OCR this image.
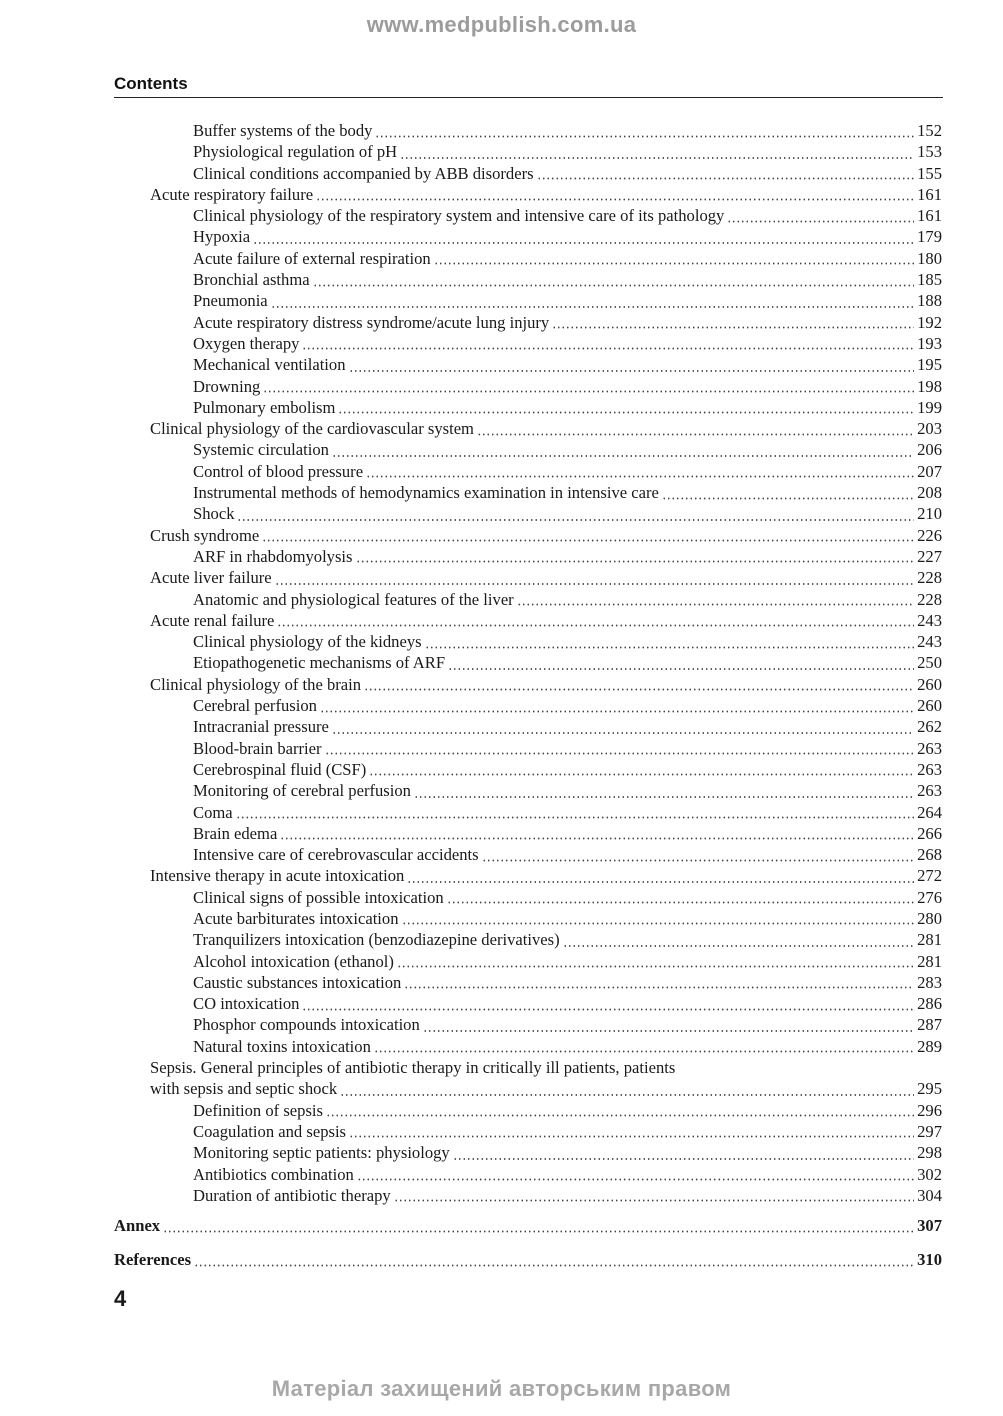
www.medpublish.com.ua
Contents
Buffer systems of the body	152
Physiological regulation of pH	153
Clinical conditions accompanied by ABB disorders	155
Acute respiratory failure	161
Clinical physiology of the respiratory system and intensive care of its pathology	161
Hypoxia	179
Acute failure of external respiration	180
Bronchial asthma	185
Pneumonia	188
Acute respiratory distress syndrome/acute lung injury	192
Oxygen therapy	193
Mechanical ventilation	195
Drowning	198
Pulmonary embolism	199
Clinical physiology of the cardiovascular system	203
Systemic circulation	206
Control of blood pressure	207
Instrumental methods of hemodynamics examination in intensive care	208
Shock	210
Crush syndrome	226
ARF in rhabdomyolysis	227
Acute liver failure	228
Anatomic and physiological features of the liver	228
Acute renal failure	243
Clinical physiology of the kidneys	243
Etiopathogenetic mechanisms of ARF	250
Clinical physiology of the brain	260
Cerebral perfusion	260
Intracranial pressure	262
Blood-brain barrier	263
Cerebrospinal fluid (CSF)	263
Monitoring of cerebral perfusion	263
Coma	264
Brain edema	266
Intensive care of cerebrovascular accidents	268
Intensive therapy in acute intoxication	272
Clinical signs of possible intoxication	276
Acute barbiturates intoxication	280
Tranquilizers intoxication (benzodiazepine derivatives)	281
Alcohol intoxication (ethanol)	281
Caustic substances intoxication	283
CO intoxication	286
Phosphor compounds intoxication	287
Natural toxins intoxication	289
Sepsis. General principles of antibiotic therapy in critically ill patients, patients
with sepsis and septic shock	295
Definition of sepsis	296
Coagulation and sepsis	297
Monitoring septic patients: physiology	298
Antibiotics combination	302
Duration of antibiotic therapy	304
Annex	307
References	310
4
Матеріал захищений авторським правом
